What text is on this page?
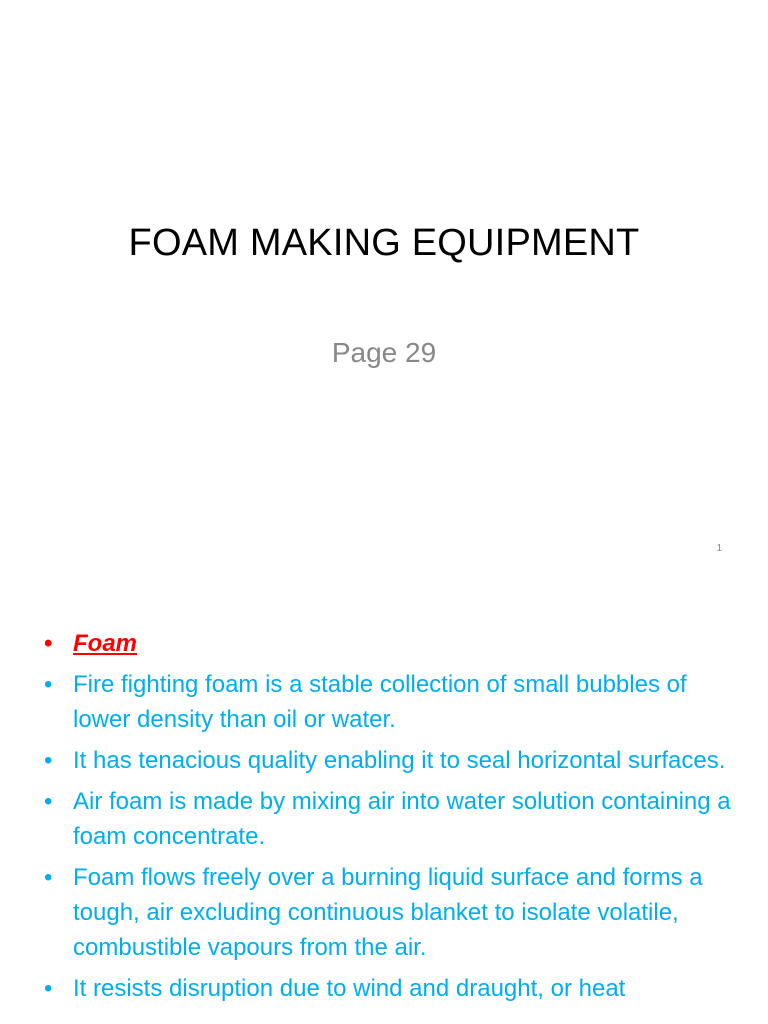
FOAM MAKING EQUIPMENT
Page 29
1
• Foam
• Fire fighting foam is a stable collection of small bubbles of lower density than oil or water.
• It has tenacious quality enabling it to seal horizontal surfaces.
• Air foam is made by mixing air into water solution containing a foam concentrate.
• Foam flows freely over a burning liquid surface and forms a tough, air excluding continuous blanket to isolate volatile, combustible vapours from the air.
• It resists disruption due to wind and draught, or heat
